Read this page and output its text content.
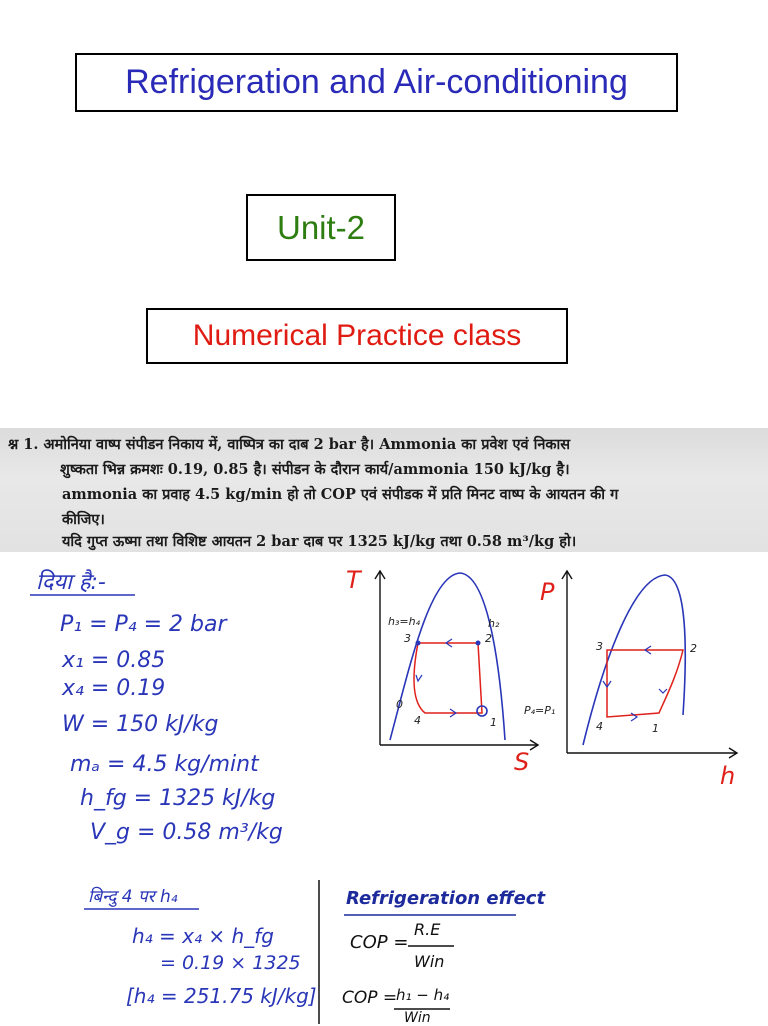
Refrigeration and Air-conditioning
Unit-2
Numerical Practice class
श्न 1. अमोनिया वाष्प संपीडन निकाय में, वाष्पित्र का दाब 2 bar है। Ammonia का प्रवेश एवं निकास
शुष्कता भिन्न क्रमशः 0.19, 0.85 है। संपीडन के दौरान कार्य/ammonia 150 kJ/kg है।
ammonia का प्रवाह 4.5 kg/min हो तो COP एवं संपीडक में प्रति मिनट वाष्प के आयतन की ग
कीजिए।
यदि गुप्त ऊष्मा तथा विशिष्ट आयतन 2 bar दाब पर 1325 kJ/kg तथा 0.58 m³/kg हो।
दिया है:-
P₁ = P₄ = 2 bar
x₁ = 0.85
x₄ = 0.19
W = 150 kJ/kg
mₐ = 4.5 kg/mint
h_fg = 1325 kJ/kg
V_g = 0.58 m³/kg
T
S
h₃=h₄	h₂
3	2
0
4	1
P
h
3	2
P₄=P₁
4	1
बिन्दु 4 पर h₄
h₄ = x₄ × h_fg
= 0.19 × 1325
[h₄ = 251.75 kJ/kg]
Refrigeration effect
COP =
R.E
Win
COP =
h₁ − h₄
Win
